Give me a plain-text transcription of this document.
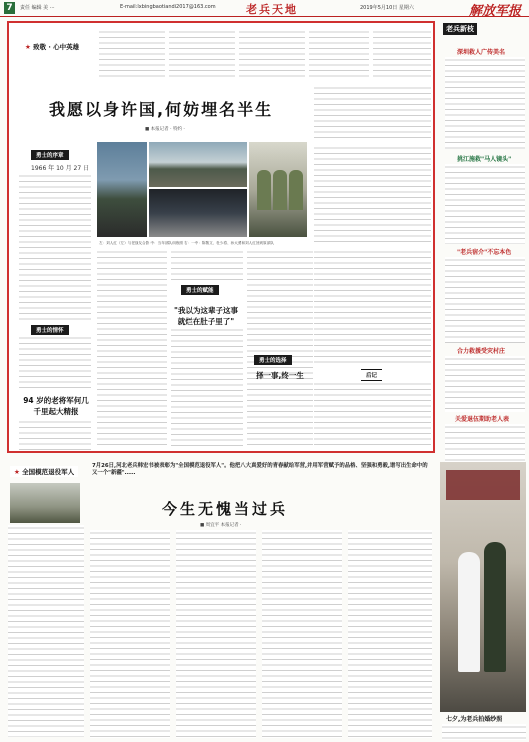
7	责任 编辑 美 ···	E-mail:lxbingbaotiandi2017@163.com	老兵天地	2019年5月10日 星期六	解放军报
★ 致敬 · 心中英雄
我愿以身许国,何妨埋名半生
■ 本报记者 · 特约 ·
勇士的序章
1966 年 10 月 27 日
勇士的情怀
94 岁的老将军何几千里起大精报
左：刘人红（左）与老战友合影 中：当年部队训练照 右：一中：陈敬文、杜少将、孙大勇和刘人红回到原部队
勇士的赋能
"我以为这辈子这事就烂在肚子里了"
勇士的选择
择一事,终一生	后记
老兵新枝
深圳救人广传美名
挑江施救"马人镜头"
"老兵宿介"不忘本色
合力救援受灾村庄
关爱退伍期助老人表
★ 全国模范退役军人
7月26日,河北老兵韩宏书被表彰为"全国模范退役军人"。他把八大真爱好的青春献给军营,并用军营赋予的品格、坚强和勇毅,谱写出生命中的又一个"新疆"……
今生无愧当过兵
■ 周宜平 本报记者 ·
七夕,为老兵拍婚纱照
